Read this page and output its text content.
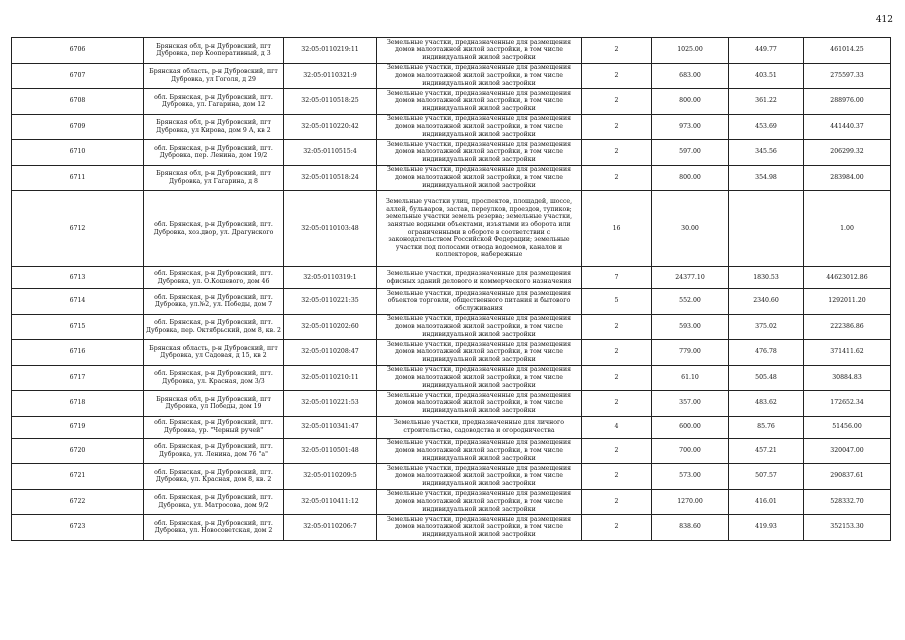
412
6706	Брянская обл, р-н Дубровский, пгт Дубровка, пер Кооперативный, д 3	32:05:0110219:11	Земельные участки, предназначенные для размещения домов малоэтажной жилой застройки, в том числе индивидуальной жилой застройки	2	1025.00	449.77	461014.25
6707	Брянская область, р-н Дубровский, пгт Дубровка, ул Гоголя, д 29	32:05:0110321:9	Земельные участки, предназначенные для размещения домов малоэтажной жилой застройки, в том числе индивидуальной жилой застройки	2	683.00	403.51	275597.33
6708	обл. Брянская, р-н Дубровский, пгт. Дубровка, ул. Гагарина, дом 12	32:05:0110518:25	Земельные участки, предназначенные для размещения домов малоэтажной жилой застройки, в том числе индивидуальной жилой застройки	2	800.00	361.22	288976.00
6709	Брянская обл, р-н Дубровский, пгт Дубровка, ул Кирова, дом 9 А, кв 2	32:05:0110220:42	Земельные участки, предназначенные для размещения домов малоэтажной жилой застройки, в том числе индивидуальной жилой застройки	2	973.00	453.69	441440.37
6710	обл. Брянская, р-н Дубровский, пгт. Дубровка, пер. Ленина, дом 19/2	32:05:0110515:4	Земельные участки, предназначенные для размещения домов малоэтажной жилой застройки, в том числе индивидуальной жилой застройки	2	597.00	345.56	206299.32
6711	Брянская обл, р-н Дубровский, пгт Дубровка, ул Гагарина, д 8	32:05:0110518:24	Земельные участки, предназначенные для размещения домов малоэтажной жилой застройки, в том числе индивидуальной жилой застройки	2	800.00	354.98	283984.00
6712	обл. Брянская, р-н Дубровский, пгт. Дубровка, хоз.двор, ул. Драгунского	32:05:0110103:48	Земельные участки улиц, проспектов, площадей, шоссе, аллей, бульваров, застав, переулков, проездов, тупиков; земельные участки земель резерва; земельные участки, занятые водными объектами, изъятыми из оборота или ограниченными в обороте в соответствии с законодательством Российской Федерации; земельные участки под полосами отвода водоемов, каналов и коллекторов, набережные	16	30.00		1.00
6713	обл. Брянская, р-н Дубровский, пгт. Дубровка, ул. О.Кошевого, дом 46	32:05:0110319:1	Земельные участки, предназначенные для размещения офисных зданий делового и коммерческого назначения	7	24377.10	1830.53	44623012.86
6714	обл. Брянская, р-н Дубровский, пгт. Дубровка, ул.№2, ул. Победы, дом 7	32:05:0110221:35	Земельные участки, предназначенные для размещения объектов торговли, общественного питания и бытового обслуживания	5	552.00	2340.60	1292011.20
6715	обл. Брянская, р-н Дубровский, пгт. Дубровка, пер. Октябрьский, дом 8, кв. 2	32:05:0110202:60	Земельные участки, предназначенные для размещения домов малоэтажной жилой застройки, в том числе индивидуальной жилой застройки	2	593.00	375.02	222386.86
6716	Брянская область, р-н Дубровский, пгт Дубровка, ул Садовая, д 15, кв 2	32:05:0110208:47	Земельные участки, предназначенные для размещения домов малоэтажной жилой застройки, в том числе индивидуальной жилой застройки	2	779.00	476.78	371411.62
6717	обл. Брянская, р-н Дубровский, пгт. Дубровка, ул. Красная, дом 3/3	32:05:0110210:11	Земельные участки, предназначенные для размещения домов малоэтажной жилой застройки, в том числе индивидуальной жилой застройки	2	61.10	505.48	30884.83
6718	Брянская обл, р-н Дубровский, пгт Дубровка, ул Победы, дом 19	32:05:0110221:53	Земельные участки, предназначенные для размещения домов малоэтажной жилой застройки, в том числе индивидуальной жилой застройки	2	357.00	483.62	172652.34
6719	обл. Брянская, р-н Дубровский, пгт. Дубровка, ур. "Черный ручей"	32:05:0110341:47	Земельные участки, предназначенные для личного строительства, садоводства и огородничества	4	600.00	85.76	51456.00
6720	обл. Брянская, р-н Дубровский, пгт. Дубровка, ул. Ленина, дом 76 "а"	32:05:0110501:48	Земельные участки, предназначенные для размещения домов малоэтажной жилой застройки, в том числе индивидуальной жилой застройки	2	700.00	457.21	320047.00
6721	обл. Брянская, р-н Дубровский, пгт. Дубровка, ул. Красная, дом 8, кв. 2	32:05:0110209:5	Земельные участки, предназначенные для размещения домов малоэтажной жилой застройки, в том числе индивидуальной жилой застройки	2	573.00	507.57	290837.61
6722	обл. Брянская, р-н Дубровский, пгт. Дубровка, ул. Матросова, дом 9/2	32:05:0110411:12	Земельные участки, предназначенные для размещения домов малоэтажной жилой застройки, в том числе индивидуальной жилой застройки	2	1270.00	416.01	528332.70
6723	обл. Брянская, р-н Дубровский, пгт. Дубровка, ул. Новосоветская, дом 2	32:05:0110206:7	Земельные участки, предназначенные для размещения домов малоэтажной жилой застройки, в том числе индивидуальной жилой застройки	2	838.60	419.93	352153.30
